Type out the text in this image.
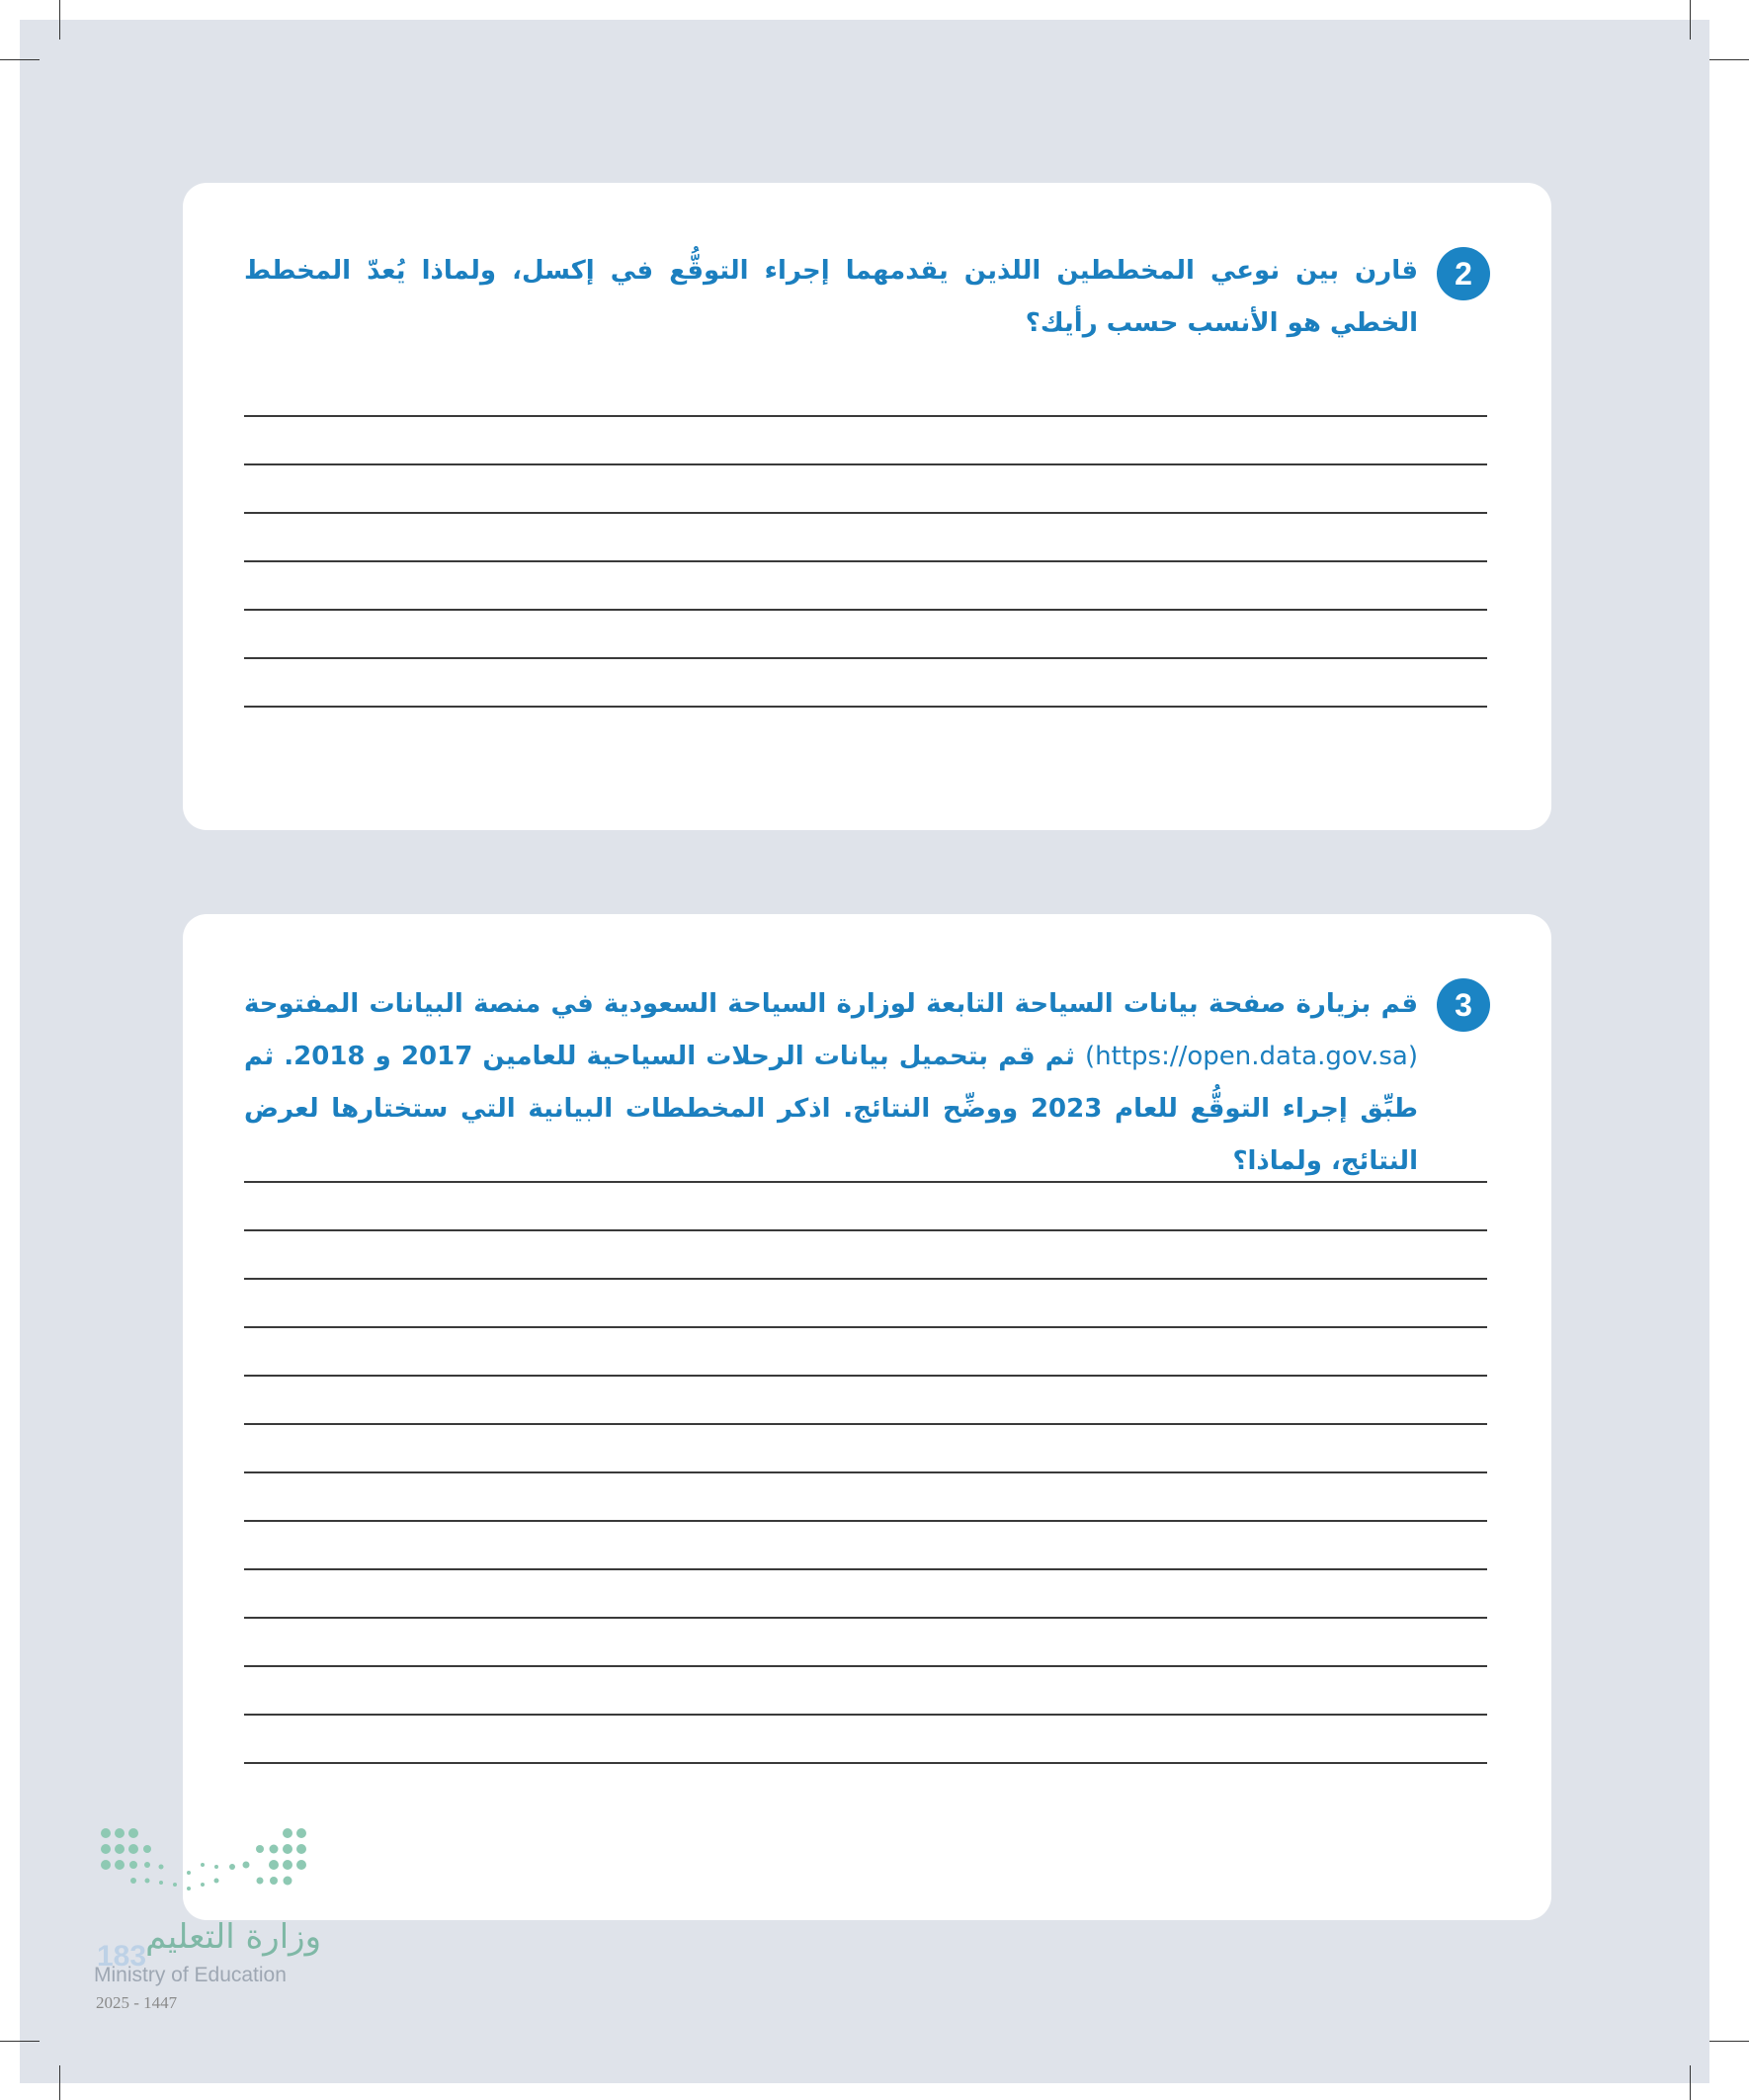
2
قارن بين نوعي المخططين اللذين يقدمهما إجراء التوقُّع في إكسل، ولماذا يُعدّ المخطط الخطي هو الأنسب حسب رأيك؟
3
قم بزيارة صفحة بيانات السياحة التابعة لوزارة السياحة السعودية في منصة البيانات المفتوحة (https://open.data.gov.sa) ثم قم بتحميل بيانات الرحلات السياحية للعامين 2017 و 2018. ثم طبِّق إجراء التوقُّع للعام 2023 ووضِّح النتائج. اذكر المخططات البيانية التي ستختارها لعرض النتائج، ولماذا؟
وزارة التعليم
Ministry of Education
2025 - 1447
183
